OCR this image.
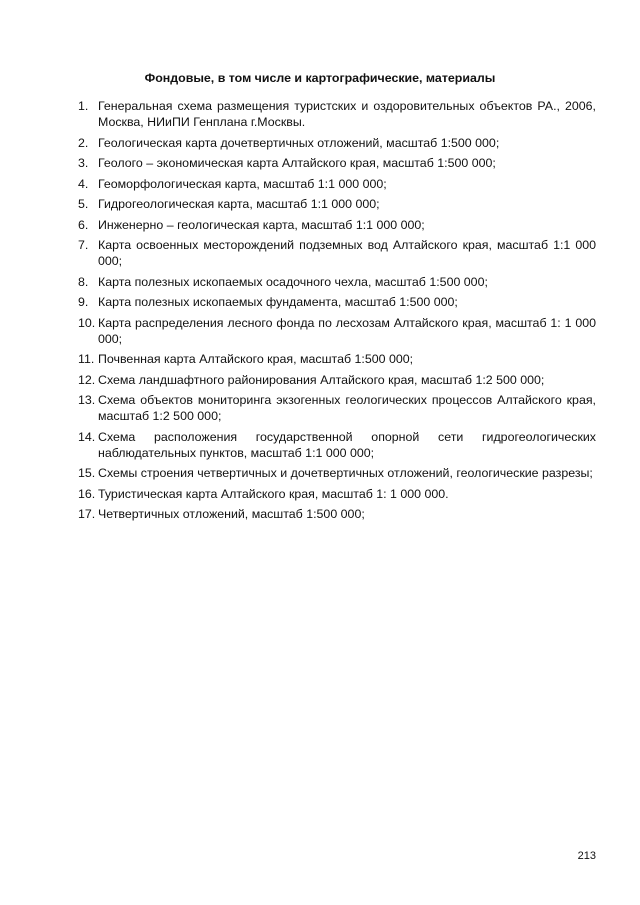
Фондовые, в том числе и картографические, материалы
1. Генеральная схема размещения туристских и оздоровительных объектов РА., 2006, Москва, НИиПИ Генплана г.Москвы.
2. Геологическая карта дочетвертичных отложений, масштаб 1:500 000;
3. Геолого – экономическая карта Алтайского края, масштаб 1:500 000;
4. Геоморфологическая карта, масштаб 1:1 000 000;
5. Гидрогеологическая карта, масштаб 1:1 000 000;
6. Инженерно – геологическая карта, масштаб 1:1 000 000;
7. Карта освоенных месторождений подземных вод Алтайского края, масштаб 1:1 000 000;
8. Карта полезных ископаемых осадочного чехла, масштаб 1:500 000;
9. Карта полезных ископаемых фундамента, масштаб 1:500 000;
10. Карта распределения лесного фонда по лесхозам Алтайского края, масштаб 1: 1 000 000;
11. Почвенная карта Алтайского края, масштаб 1:500 000;
12. Схема ландшафтного районирования Алтайского края, масштаб 1:2 500 000;
13. Схема объектов мониторинга экзогенных геологических процессов Алтайского края, масштаб 1:2 500 000;
14. Схема расположения государственной опорной сети гидрогеологических наблюдательных пунктов, масштаб 1:1 000 000;
15. Схемы строения четвертичных и дочетвертичных отложений, геологические разрезы;
16. Туристическая карта Алтайского края, масштаб 1: 1 000 000.
17. Четвертичных отложений, масштаб 1:500 000;
213
